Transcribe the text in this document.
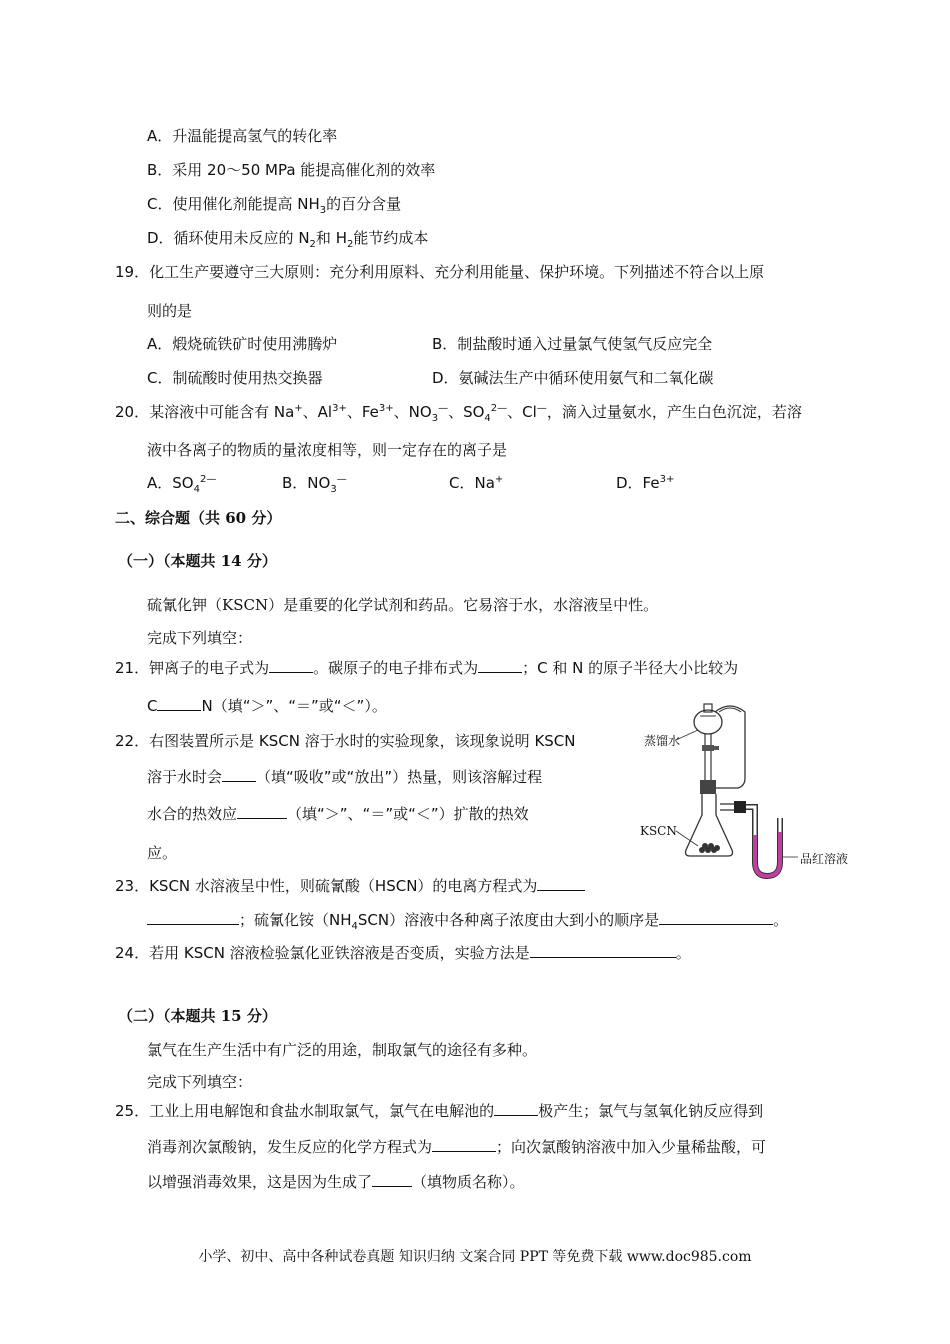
A．升温能提高氢气的转化率
B．采用 20～50 MPa 能提高催化剂的效率
C．使用催化剂能提高 $NH_3$的百分含量
D．循环使用未反应的 $N_2$和 $H_2$能节约成本
19．化工生产要遵守三大原则：充分利用原料、充分利用能量、保护环境。下列描述不符合以上原
则的是
A．煅烧硫铁矿时使用沸腾炉	B．制盐酸时通入过量氯气使氢气反应完全
C．制硫酸时使用热交换器	D．氨碱法生产中循环使用氨气和二氧化碳
20．某溶液中可能含有 Na+、$Al^{3+}$、$Fe^{3+}$、$NO_3^—$、$SO_4^{2—}$、Cl—，滴入过量氨水，产生白色沉淀，若溶
液中各离子的物质的量浓度相等，则一定存在的离子是
A．$SO_4^{2—}$	B．$NO_3^—$	C．Na+	D．$Fe^{3+}$
二、综合题（共 60 分）
（一）（本题共 14 分）
硫氰化钾（KSCN）是重要的化学试剂和药品。它易溶于水，水溶液呈中性。
完成下列填空：
21．钾离子的电子式为	。碳原子的电子排布式为	；C 和 N 的原子半径大小比较为
C	N（填“＞”、“＝”或“＜”）。
22．右图装置所示是 KSCN 溶于水时的实验现象，该现象说明 KSCN
溶于水时会 （填“吸收”或“放出”）热量，则该溶解过程
水合的热效应	（填“＞”、“＝”或“＜”）扩散的热效
应。
蒸馏水
KSCN
品红溶液
23．KSCN 水溶液呈中性，则硫氰酸（HSCN）的电离方程式为
；硫氰化铵$(NH_4SCN)$溶液中各种离子浓度由大到小的顺序是	。
24．若用 KSCN 溶液检验氯化亚铁溶液是否变质，实验方法是	。
（二）（本题共 15 分）
氯气在生产生活中有广泛的用途，制取氯气的途径有多种。
完成下列填空：
25．工业上用电解饱和食盐水制取氯气，氯气在电解池的	极产生；氯气与氢氧化钠反应得到
消毒剂次氯酸钠，发生反应的化学方程式为	；向次氯酸钠溶液中加入少量稀盐酸，可
以增强消毒效果，这是因为生成了	（填物质名称）。
小学、初中、高中各种试卷真题 知识归纳 文案合同 PPT 等免费下载 www.doc985.com
